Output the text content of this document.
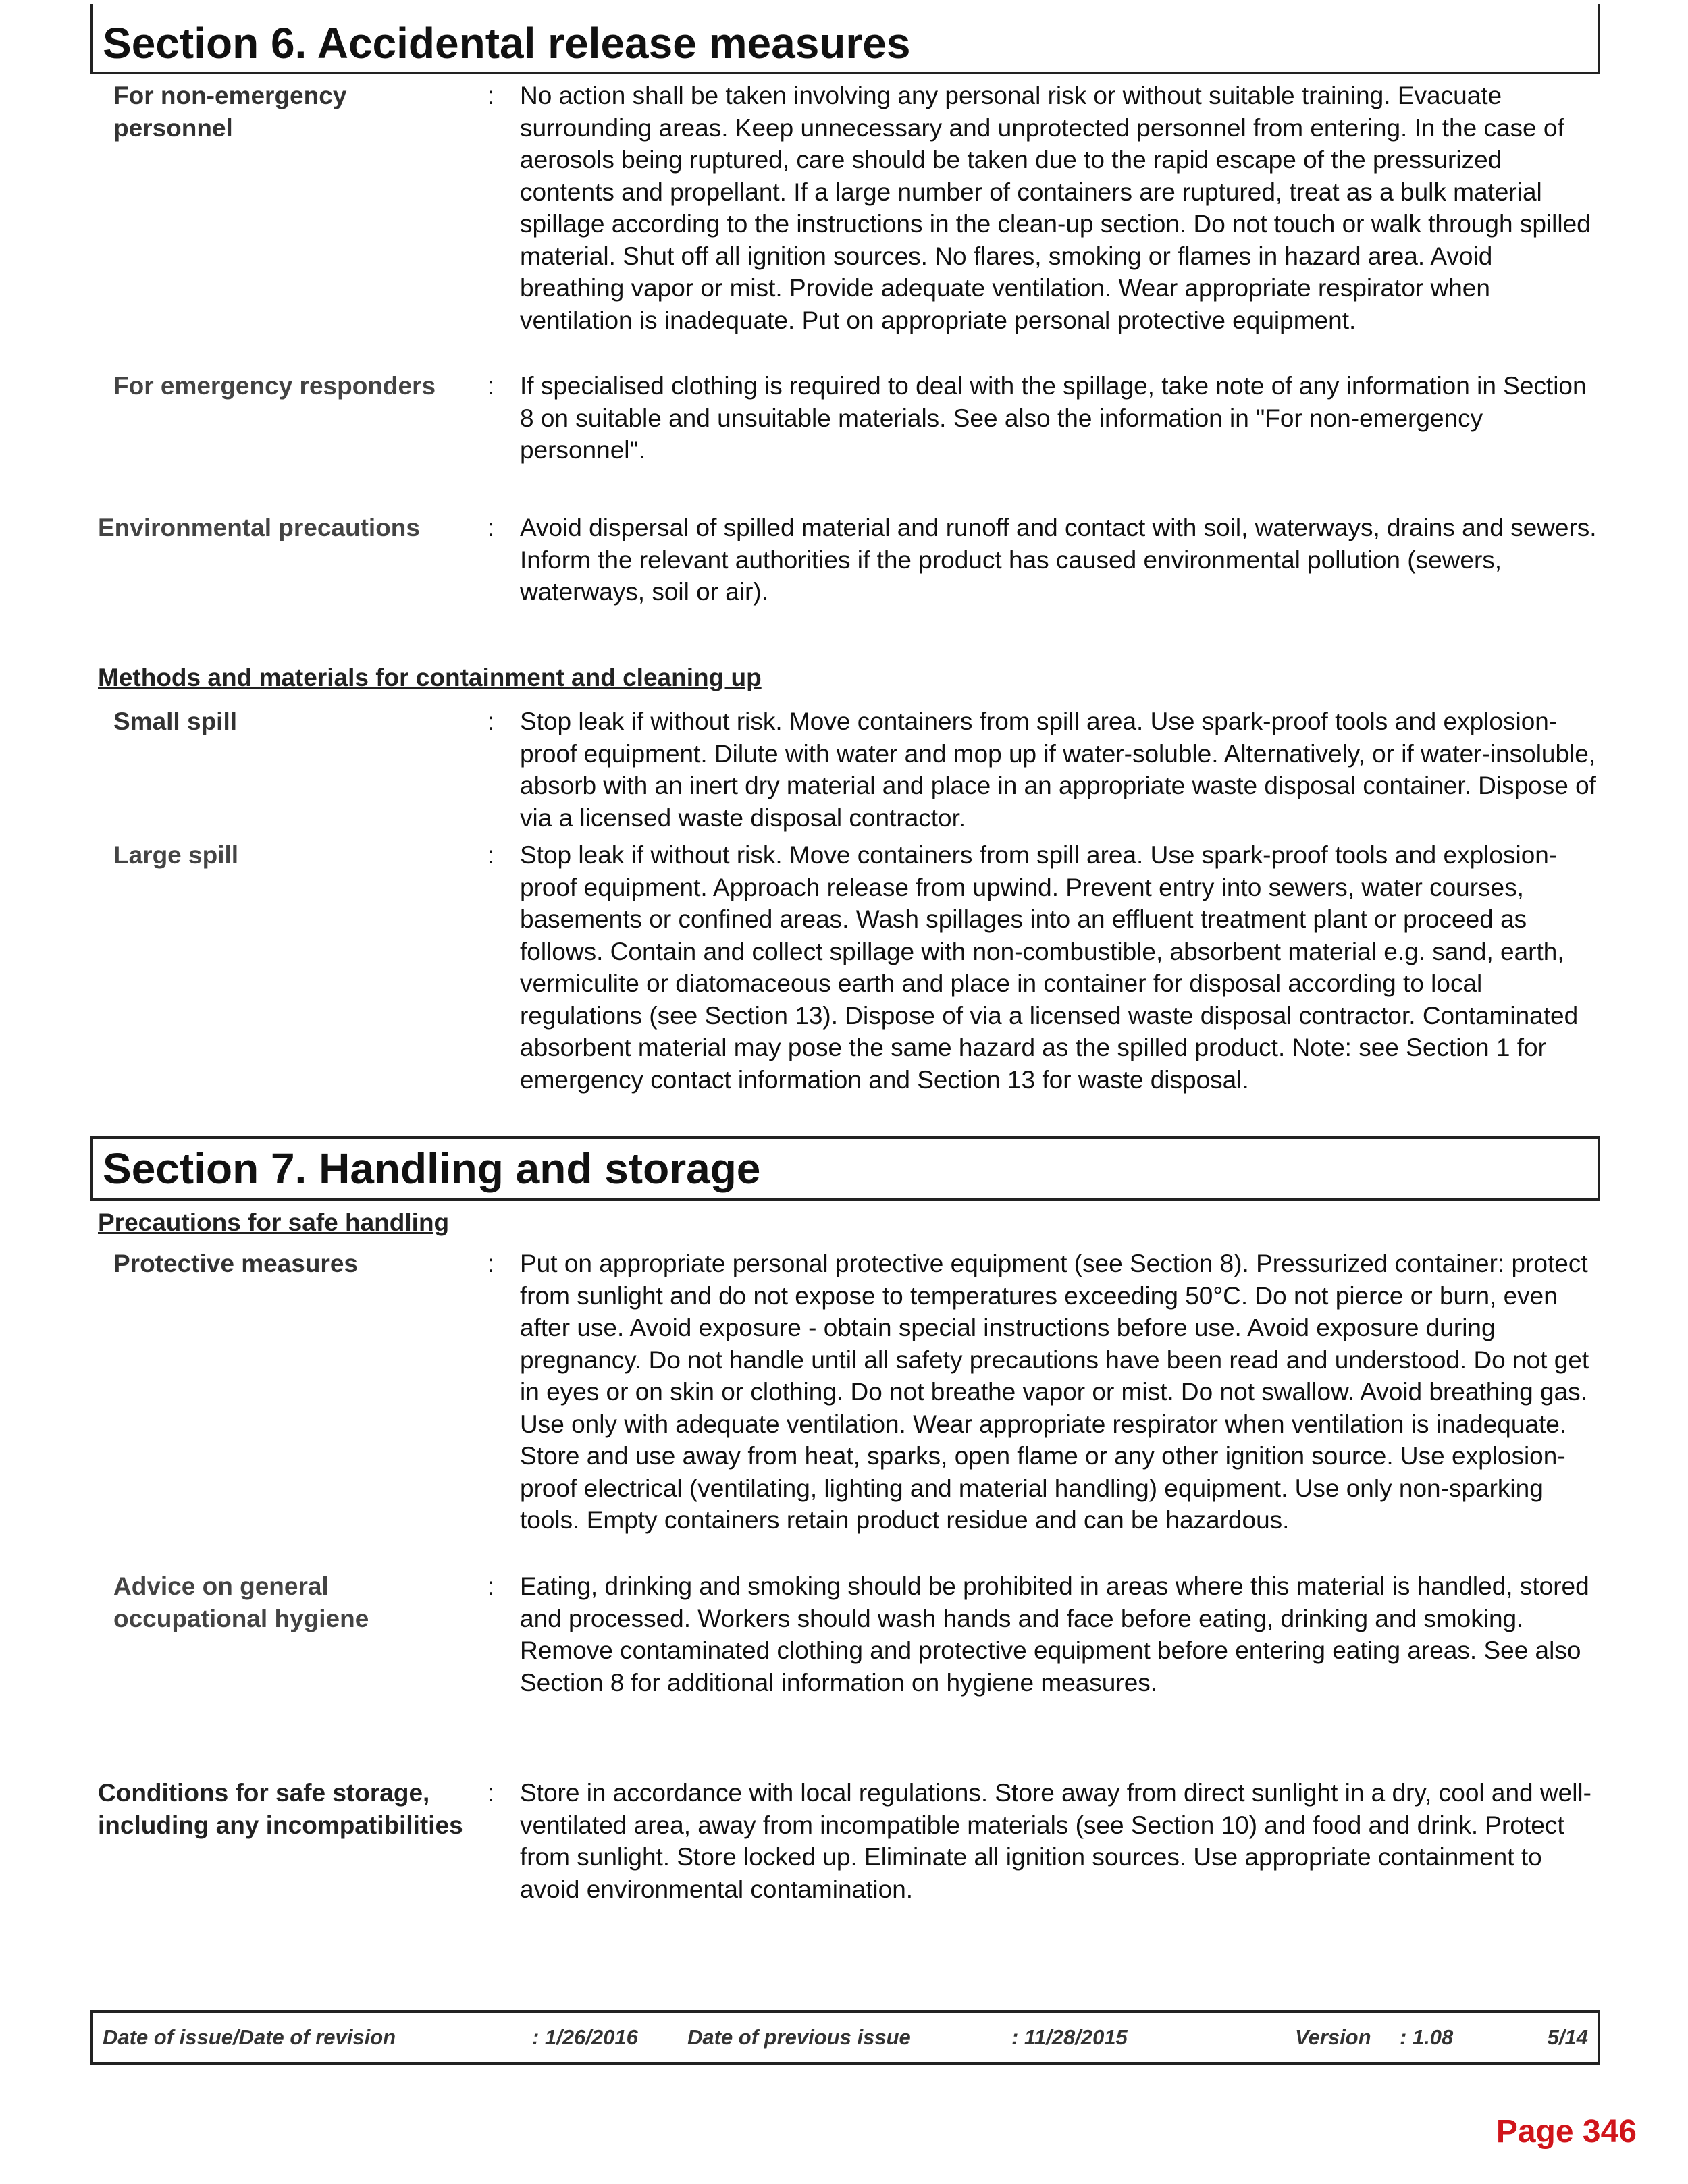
Section 6. Accidental release measures
For non-emergency personnel
: No action shall be taken involving any personal risk or without suitable training. Evacuate surrounding areas. Keep unnecessary and unprotected personnel from entering. In the case of aerosols being ruptured, care should be taken due to the rapid escape of the pressurized contents and propellant. If a large number of containers are ruptured, treat as a bulk material spillage according to the instructions in the clean-up section. Do not touch or walk through spilled material. Shut off all ignition sources. No flares, smoking or flames in hazard area. Avoid breathing vapor or mist. Provide adequate ventilation. Wear appropriate respirator when ventilation is inadequate. Put on appropriate personal protective equipment.
For emergency responders	: If specialised clothing is required to deal with the spillage, take note of any information in Section 8 on suitable and unsuitable materials. See also the information in "For non-emergency personnel".
Environmental precautions	: Avoid dispersal of spilled material and runoff and contact with soil, waterways, drains and sewers. Inform the relevant authorities if the product has caused environmental pollution (sewers, waterways, soil or air).
Methods and materials for containment and cleaning up
Small spill	: Stop leak if without risk. Move containers from spill area. Use spark-proof tools and explosion-proof equipment. Dilute with water and mop up if water-soluble. Alternatively, or if water-insoluble, absorb with an inert dry material and place in an appropriate waste disposal container. Dispose of via a licensed waste disposal contractor.
Large spill	: Stop leak if without risk. Move containers from spill area. Use spark-proof tools and explosion-proof equipment. Approach release from upwind. Prevent entry into sewers, water courses, basements or confined areas. Wash spillages into an effluent treatment plant or proceed as follows. Contain and collect spillage with non-combustible, absorbent material e.g. sand, earth, vermiculite or diatomaceous earth and place in container for disposal according to local regulations (see Section 13). Dispose of via a licensed waste disposal contractor. Contaminated absorbent material may pose the same hazard as the spilled product. Note: see Section 1 for emergency contact information and Section 13 for waste disposal.
Section 7. Handling and storage
Precautions for safe handling
Protective measures	: Put on appropriate personal protective equipment (see Section 8). Pressurized container: protect from sunlight and do not expose to temperatures exceeding 50°C. Do not pierce or burn, even after use. Avoid exposure - obtain special instructions before use. Avoid exposure during pregnancy. Do not handle until all safety precautions have been read and understood. Do not get in eyes or on skin or clothing. Do not breathe vapor or mist. Do not swallow. Avoid breathing gas. Use only with adequate ventilation. Wear appropriate respirator when ventilation is inadequate. Store and use away from heat, sparks, open flame or any other ignition source. Use explosion-proof electrical (ventilating, lighting and material handling) equipment. Use only non-sparking tools. Empty containers retain product residue and can be hazardous.
Advice on general occupational hygiene
: Eating, drinking and smoking should be prohibited in areas where this material is handled, stored and processed. Workers should wash hands and face before eating, drinking and smoking. Remove contaminated clothing and protective equipment before entering eating areas. See also Section 8 for additional information on hygiene measures.
Conditions for safe storage, including any incompatibilities
: Store in accordance with local regulations. Store away from direct sunlight in a dry, cool and well-ventilated area, away from incompatible materials (see Section 10) and food and drink. Protect from sunlight. Store locked up. Eliminate all ignition sources. Use appropriate containment to avoid environmental contamination.
Date of issue/Date of revision	: 1/26/2016 Date of previous issue	: 11/28/2015	Version : 1.08	5/14
Page 346
